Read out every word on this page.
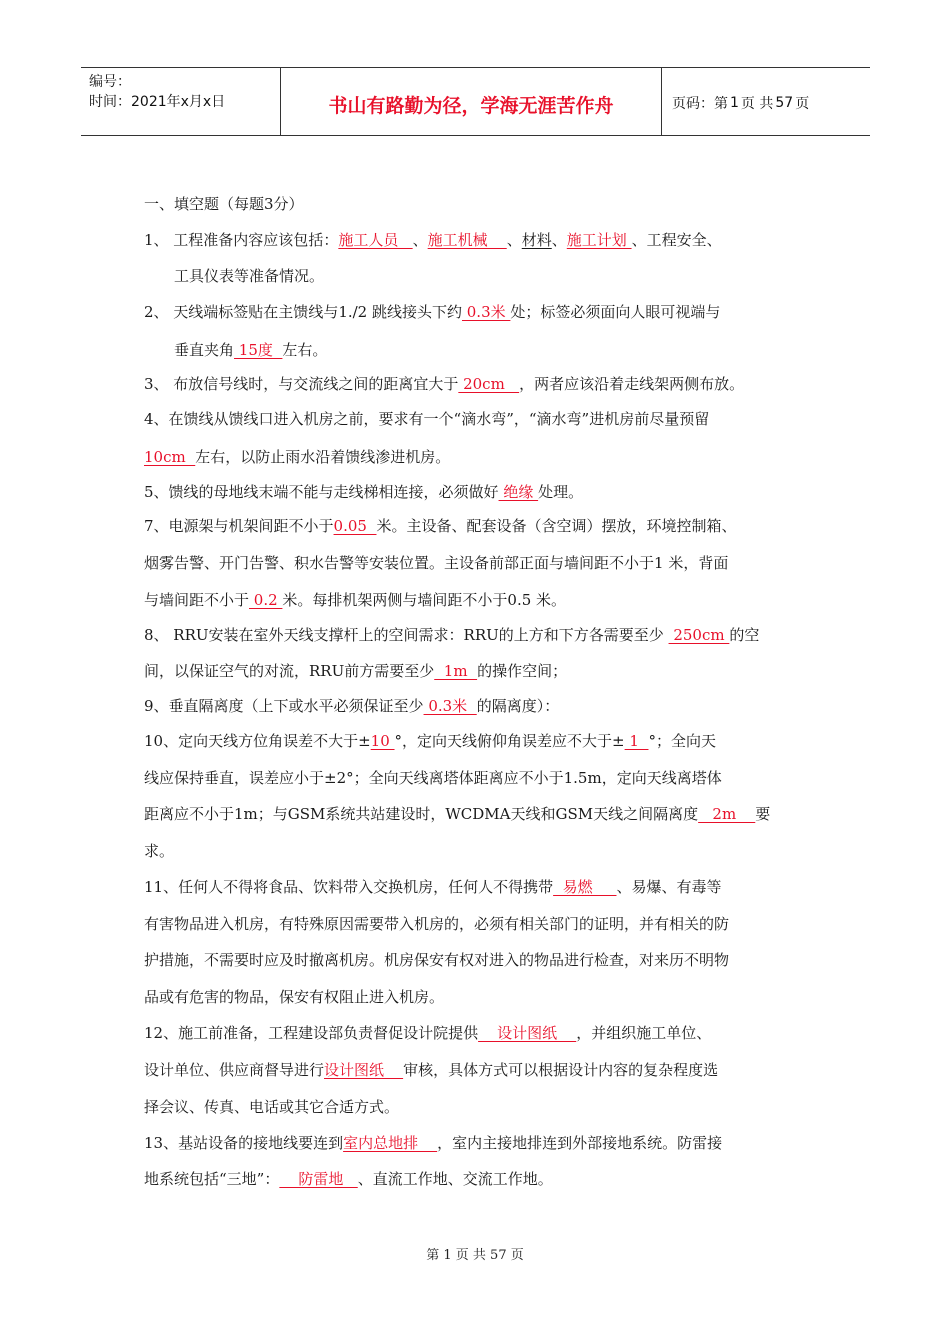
编号：
时间：2021年x月x日	书山有路勤为径，学海无涯苦作舟	页码：第 1 页 共 57 页
一、填空题（每题3分）
1、 工程准备内容应该包括：施工人员   、施工机械    、材料、施工计划 、工程安全、
工具仪表等准备情况。
2、 天线端标签贴在主馈线与1./2 跳线接头下约 0.3米 处；标签必须面向人眼可视端与
垂直夹角 15度  左右。
3、 布放信号线时，与交流线之间的距离宜大于 20cm   ，两者应该沿着走线架两侧布放。
4、在馈线从馈线口进入机房之前，要求有一个“滴水弯”，“滴水弯”进机房前尽量预留
10cm  左右，以防止雨水沿着馈线渗进机房。
5、馈线的母地线末端不能与走线梯相连接，必须做好 绝缘 处理。
7、电源架与机架间距不小于0.05  米。主设备、配套设备（含空调）摆放，环境控制箱、
烟雾告警、开门告警、积水告警等安装位置。主设备前部正面与墙间距不小于1 米，背面
与墙间距不小于 0.2 米。每排机架两侧与墙间距不小于0.5 米。
8、 RRU安装在室外天线支撑杆上的空间需求：RRU的上方和下方各需要至少  250cm 的空
间，以保证空气的对流，RRU前方需要至少  1m  的操作空间；
9、垂直隔离度（上下或水平必须保证至少 0.3米  的隔离度）：
10、定向天线方位角误差不大于±10 °，定向天线俯仰角误差应不大于± 1  °；全向天
线应保持垂直，误差应小于±2°；全向天线离塔体距离应不小于1.5m，定向天线离塔体
距离应不小于1m；与GSM系统共站建设时，WCDMA天线和GSM天线之间隔离度   2m    要
求。
11、任何人不得将食品、饮料带入交换机房，任何人不得携带  易燃     、易爆、有毒等
有害物品进入机房，有特殊原因需要带入机房的，必须有相关部门的证明，并有相关的防
护措施，不需要时应及时撤离机房。机房保安有权对进入的物品进行检查，对来历不明物
品或有危害的物品，保安有权阻止进入机房。
12、施工前准备，工程建设部负责督促设计院提供    设计图纸    ，并组织施工单位、
设计单位、供应商督导进行设计图纸    审核，具体方式可以根据设计内容的复杂程度选
择会议、传真、电话或其它合适方式。
13、基站设备的接地线要连到室内总地排    ，室内主接地排连到外部接地系统。防雷接
地系统包括“三地”：    防雷地   、直流工作地、交流工作地。
第 1 页 共 57 页
